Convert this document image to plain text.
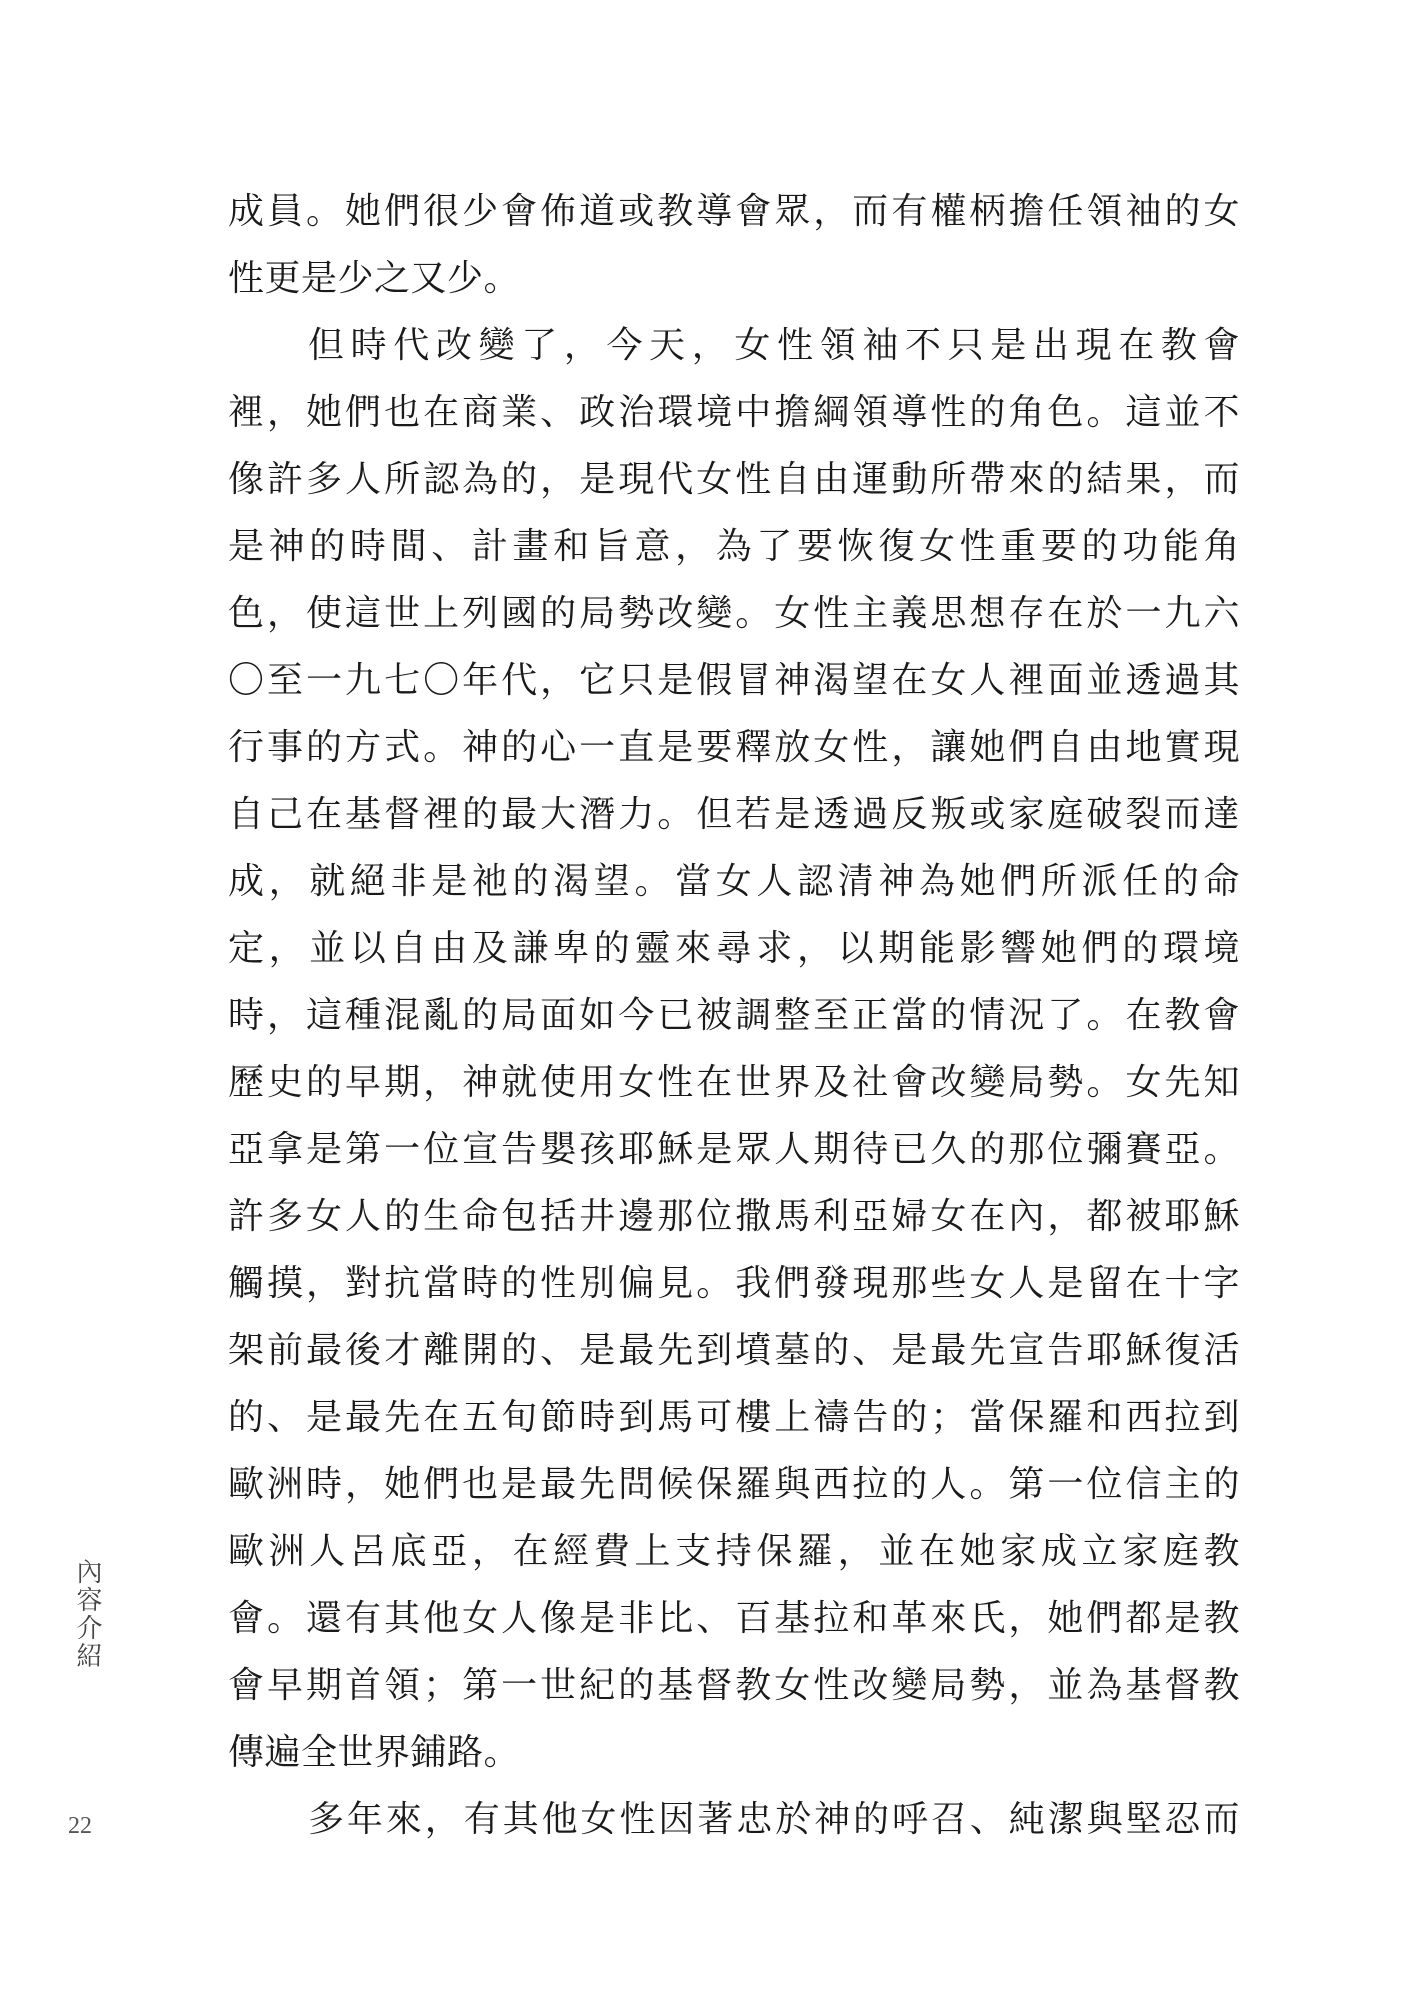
成員。她們很少會佈道或教導會眾，而有權柄擔任領袖的女
性更是少之又少。
但時代改變了，今天，女性領袖不只是出現在教會
裡，她們也在商業、政治環境中擔綱領導性的角色。這並不
像許多人所認為的，是現代女性自由運動所帶來的結果，而
是神的時間、計畫和旨意，為了要恢復女性重要的功能角
色，使這世上列國的局勢改變。女性主義思想存在於一九六
〇至一九七〇年代，它只是假冒神渴望在女人裡面並透過其
行事的方式。神的心一直是要釋放女性，讓她們自由地實現
自己在基督裡的最大潛力。但若是透過反叛或家庭破裂而達
成，就絕非是祂的渴望。當女人認清神為她們所派任的命
定，並以自由及謙卑的靈來尋求，以期能影響她們的環境
時，這種混亂的局面如今已被調整至正當的情況了。在教會
歷史的早期，神就使用女性在世界及社會改變局勢。女先知
亞拿是第一位宣告嬰孩耶穌是眾人期待已久的那位彌賽亞。
許多女人的生命包括井邊那位撒馬利亞婦女在內，都被耶穌
觸摸，對抗當時的性別偏見。我們發現那些女人是留在十字
架前最後才離開的、是最先到墳墓的、是最先宣告耶穌復活
的、是最先在五旬節時到馬可樓上禱告的；當保羅和西拉到
歐洲時，她們也是最先問候保羅與西拉的人。第一位信主的
歐洲人呂底亞，在經費上支持保羅，並在她家成立家庭教
會。還有其他女人像是非比、百基拉和革來氏，她們都是教
會早期首領；第一世紀的基督教女性改變局勢，並為基督教
傳遍全世界鋪路。
多年來，有其他女性因著忠於神的呼召、純潔與堅忍而
內容介紹
22
